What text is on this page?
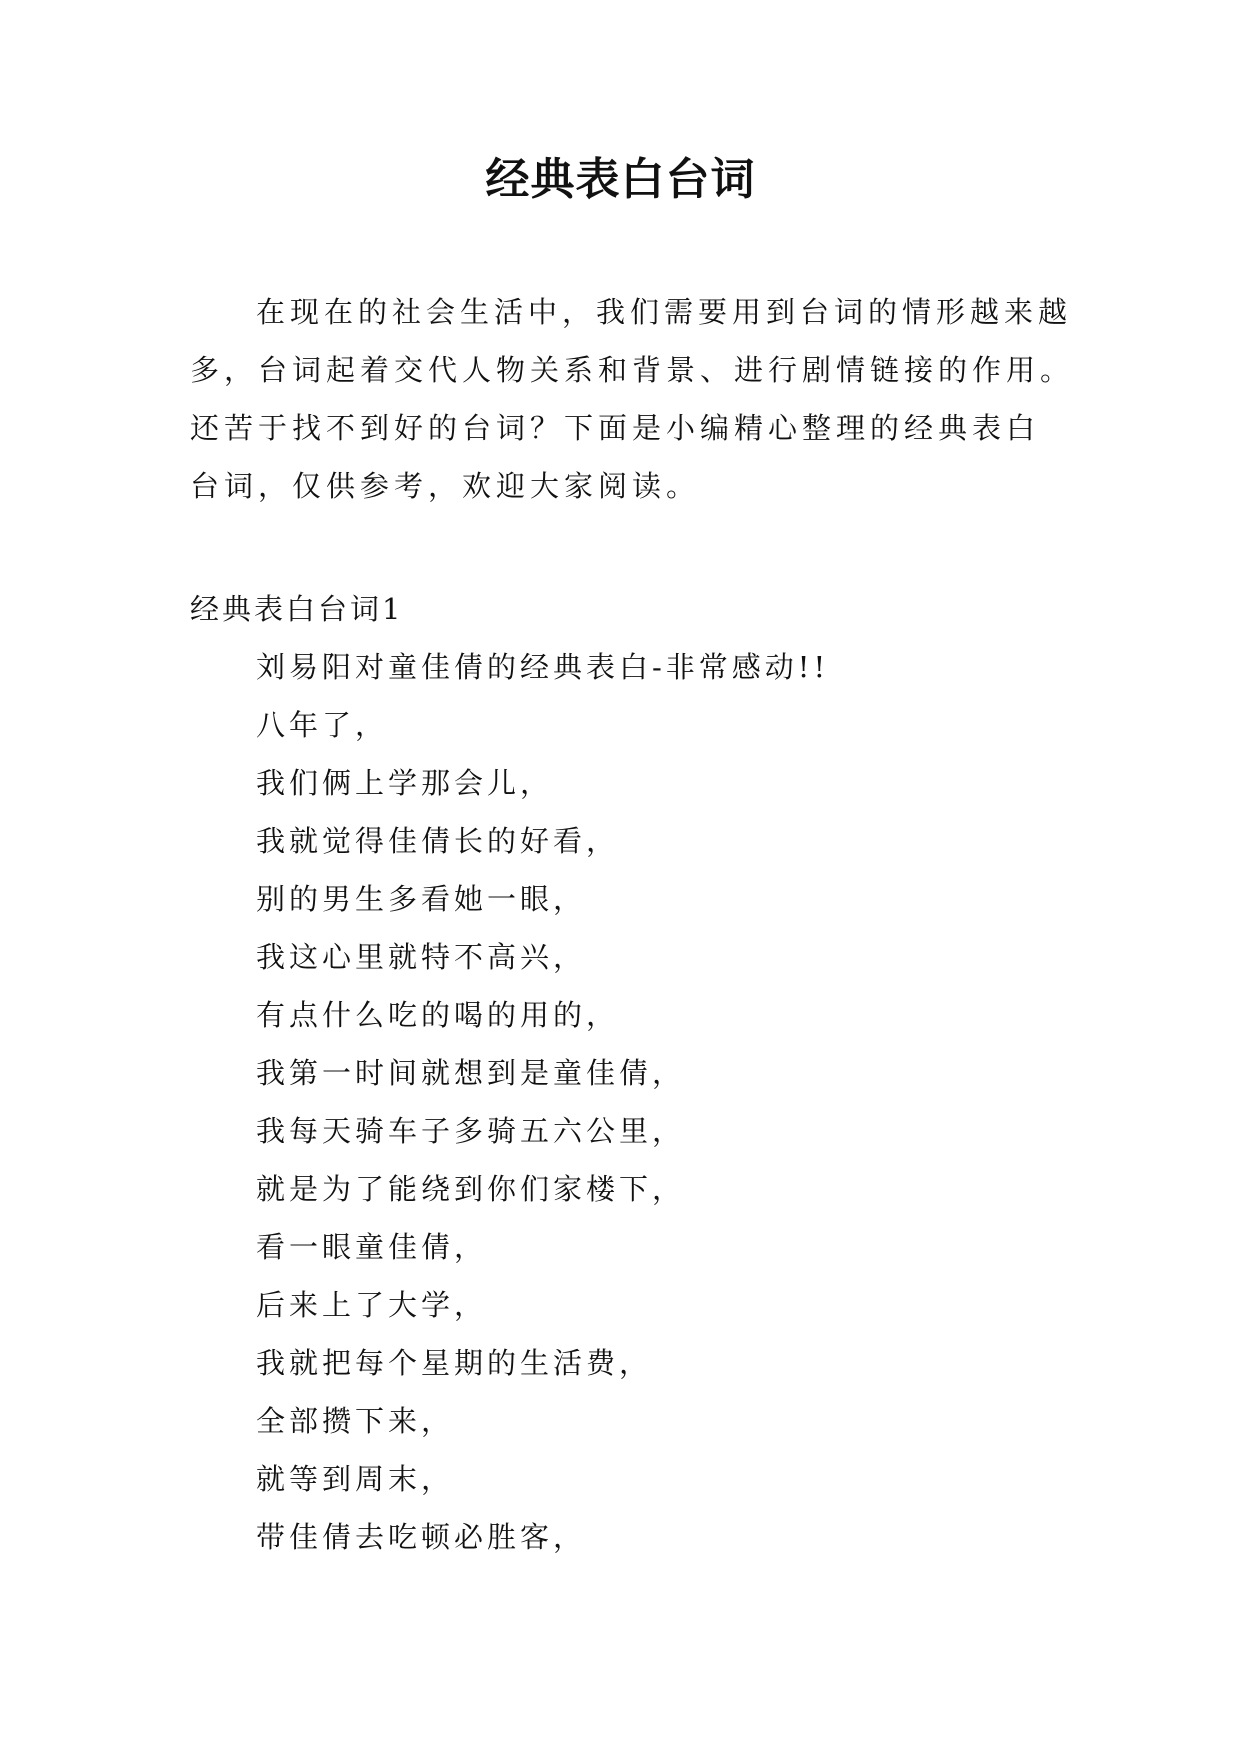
经典表白台词
在现在的社会生活中，我们需要用到台词的情形越来越
多，台词起着交代人物关系和背景、进行剧情链接的作用。
还苦于找不到好的台词？下面是小编精心整理的经典表白
台词，仅供参考，欢迎大家阅读。
经典表白台词1
刘易阳对童佳倩的经典表白-非常感动!!
八年了，
我们俩上学那会儿，
我就觉得佳倩长的好看，
别的男生多看她一眼，
我这心里就特不高兴，
有点什么吃的喝的用的，
我第一时间就想到是童佳倩，
我每天骑车子多骑五六公里，
就是为了能绕到你们家楼下，
看一眼童佳倩，
后来上了大学，
我就把每个星期的生活费，
全部攒下来，
就等到周末，
带佳倩去吃顿必胜客，
